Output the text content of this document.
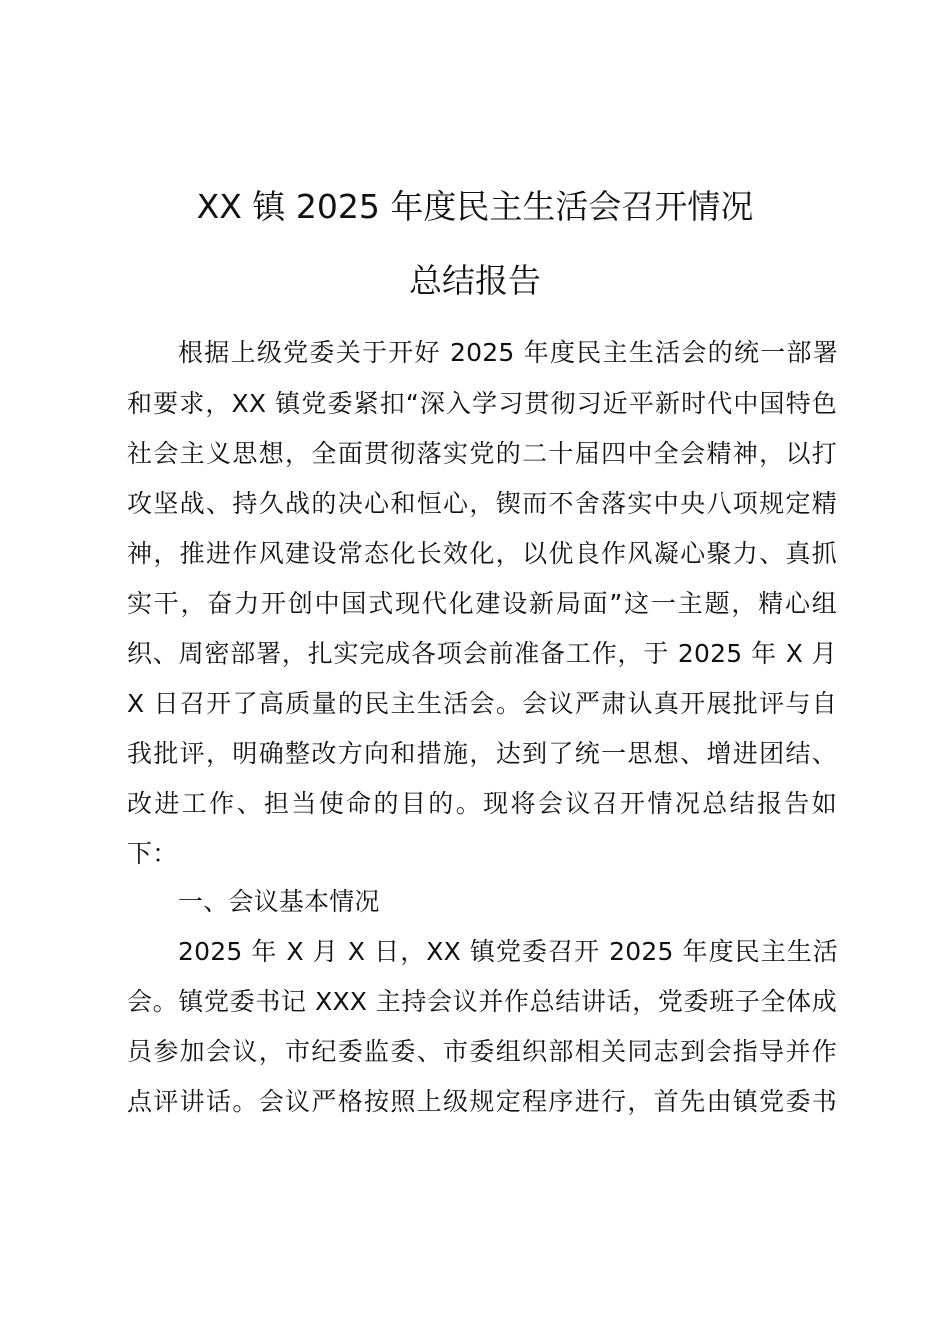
XX 镇 2025 年度民主生活会召开情况
总结报告
根据上级党委关于开好 2025 年度民主生活会的统一部署
和要求，XX 镇党委紧扣“深入学习贯彻习近平新时代中国特色
社会主义思想，全面贯彻落实党的二十届四中全会精神，以打
攻坚战、持久战的决心和恒心，锲而不舍落实中央八项规定精
神，推进作风建设常态化长效化，以优良作风凝心聚力、真抓
实干，奋力开创中国式现代化建设新局面”这一主题，精心组
织、周密部署，扎实完成各项会前准备工作，于 2025 年 X 月
X 日召开了高质量的民主生活会。会议严肃认真开展批评与自
我批评，明确整改方向和措施，达到了统一思想、增进团结、
改进工作、担当使命的目的。现将会议召开情况总结报告如
下：
一、会议基本情况
2025 年 X 月 X 日，XX 镇党委召开 2025 年度民主生活
会。镇党委书记 XXX 主持会议并作总结讲话，党委班子全体成
员参加会议，市纪委监委、市委组织部相关同志到会指导并作
点评讲话。会议严格按照上级规定程序进行，首先由镇党委书
